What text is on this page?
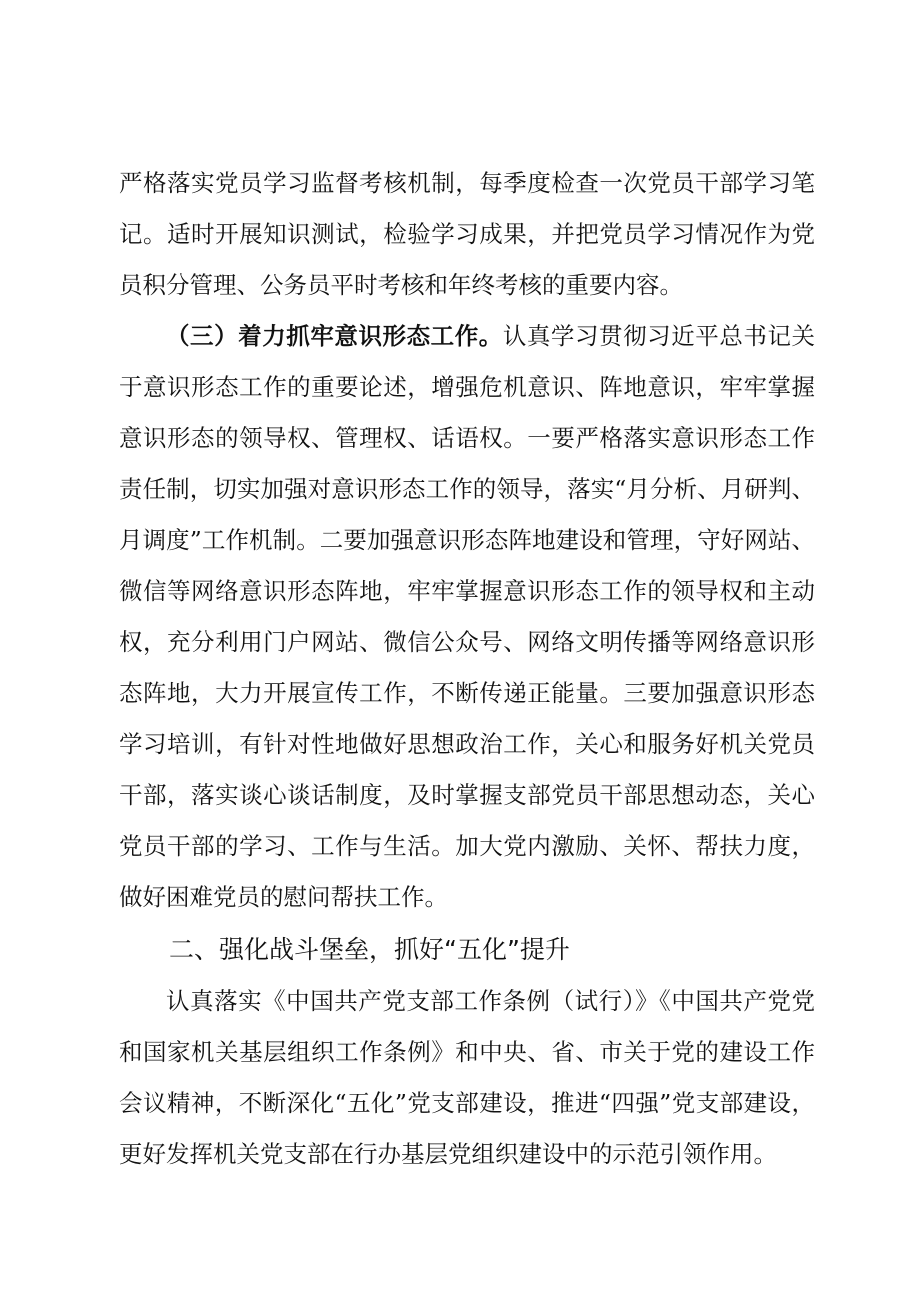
严格落实党员学习监督考核机制，每季度检查一次党员干部学习笔记。适时开展知识测试，检验学习成果，并把党员学习情况作为党员积分管理、公务员平时考核和年终考核的重要内容。

（三）着力抓牢意识形态工作。认真学习贯彻习近平总书记关于意识形态工作的重要论述，增强危机意识、阵地意识，牢牢掌握意识形态的领导权、管理权、话语权。一要严格落实意识形态工作责任制，切实加强对意识形态工作的领导，落实“月分析、月研判、月调度”工作机制。二要加强意识形态阵地建设和管理，守好网站、微信等网络意识形态阵地，牢牢掌握意识形态工作的领导权和主动权，充分利用门户网站、微信公众号、网络文明传播等网络意识形态阵地，大力开展宣传工作，不断传递正能量。三要加强意识形态学习培训，有针对性地做好思想政治工作，关心和服务好机关党员干部，落实谈心谈话制度，及时掌握支部党员干部思想动态，关心党员干部的学习、工作与生活。加大党内激励、关怀、帮扶力度，做好困难党员的慰问帮扶工作。

二、强化战斗堡垒，抓好“五化”提升

认真落实《中国共产党支部工作条例（试行）》《中国共产党党和国家机关基层组织工作条例》和中央、省、市关于党的建设工作会议精神，不断深化“五化”党支部建设，推进“四强”党支部建设，更好发挥机关党支部在行办基层党组织建设中的示范引领作用。
